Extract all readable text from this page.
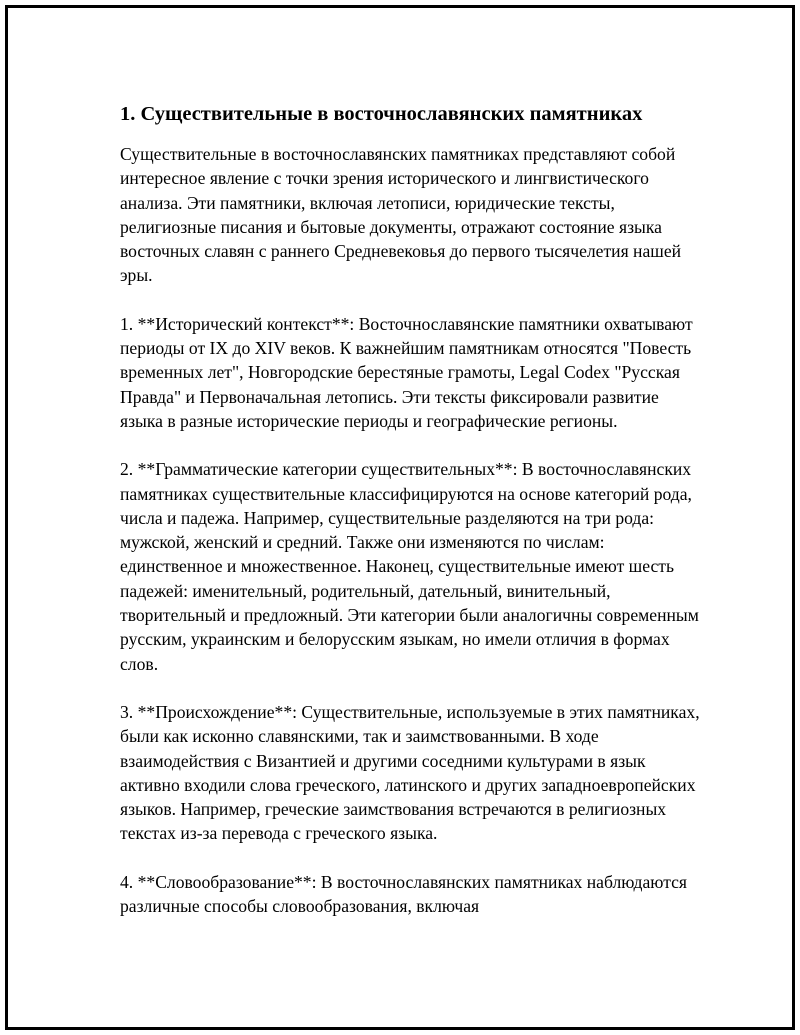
1. Существительные в восточнославянских памятниках

Существительные в восточнославянских памятниках представляют собой интересное явление с точки зрения исторического и лингвистического анализа. Эти памятники, включая летописи, юридические тексты, религиозные писания и бытовые документы, отражают состояние языка восточных славян с раннего Средневековья до первого тысячелетия нашей эры.

1. **Исторический контекст**: Восточнославянские памятники охватывают периоды от IX до XIV веков. К важнейшим памятникам относятся "Повесть временных лет", Новгородские берестяные грамоты, Legal Codex "Русская Правда" и Первоначальная летопись. Эти тексты фиксировали развитие языка в разные исторические периоды и географические регионы.

2. **Грамматические категории существительных**: В восточнославянских памятниках существительные классифицируются на основе категорий рода, числа и падежа. Например, существительные разделяются на три рода: мужской, женский и средний. Также они изменяются по числам: единственное и множественное. Наконец, существительные имеют шесть падежей: именительный, родительный, дательный, винительный, творительный и предложный. Эти категории были аналогичны современным русским, украинским и белорусским языкам, но имели отличия в формах слов.

3. **Происхождение**: Существительные, используемые в этих памятниках, были как исконно славянскими, так и заимствованными. В ходе взаимодействия с Византией и другими соседними культурами в язык активно входили слова греческого, латинского и других западноевропейских языков. Например, греческие заимствования встречаются в религиозных текстах из-за перевода с греческого языка.

4. **Словообразование**: В восточнославянских памятниках наблюдаются различные способы словообразования, включая
